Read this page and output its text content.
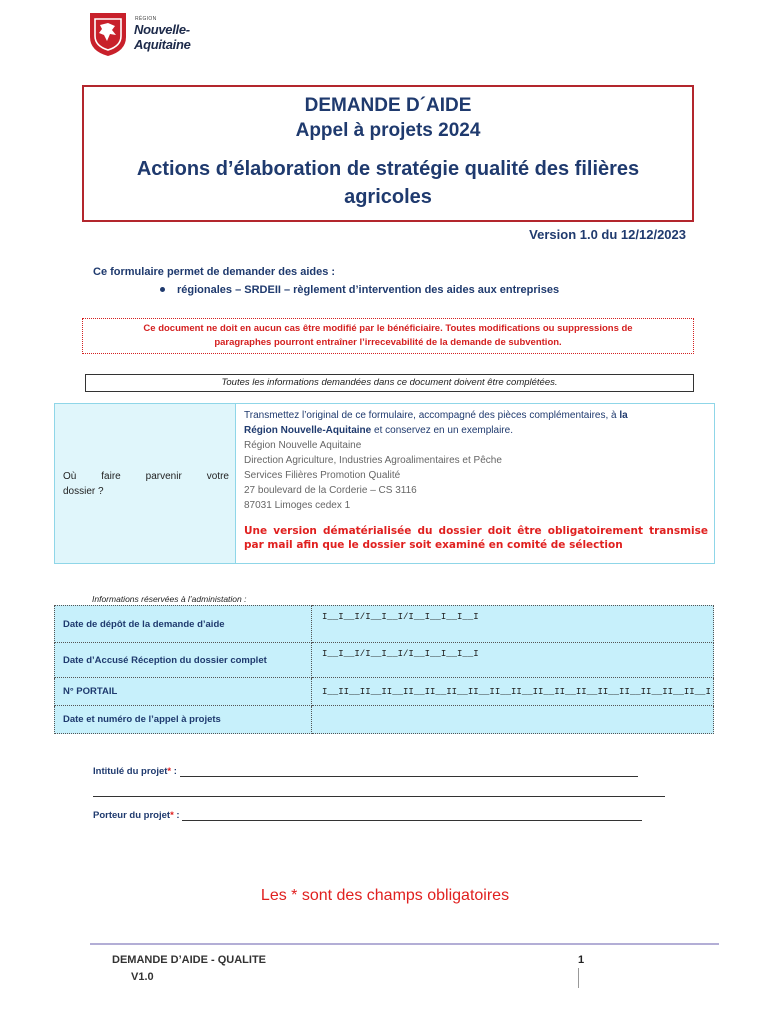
RÉGION
Nouvelle-
Aquitaine
DEMANDE D´AIDE
Appel à projets 2024
Actions d’élaboration de stratégie qualité des filières agricoles
Version 1.0 du 12/12/2023
Ce formulaire permet de demander des aides :
régionales – SRDEII – règlement d’intervention des aides aux entreprises
Ce document ne doit en aucun cas être modifié par le bénéficiaire. Toutes modifications ou suppressions de
paragraphes pourront entraîner l’irrecevabilité de la demande de subvention.
Toutes les informations demandées dans ce document doivent être complétées.
Où faire parvenir votre
dossier ?
Transmettez l’original de ce formulaire, accompagné des pièces complémentaires, à la
Région Nouvelle-Aquitaine et conservez en un exemplaire.
Région Nouvelle Aquitaine
Direction Agriculture, Industries Agroalimentaires et Pêche
Services Filières Promotion Qualité
27 boulevard de la Corderie – CS 3116
87031 Limoges cedex 1
Une version dématérialisée du dossier doit être obligatoirement transmise par mail afin que le dossier soit examiné en comité de sélection
Informations réservées à l’administation :
Date de dépôt de la demande d’aide	I__I__I/I__I__I/I__I__I__I__I
Date d’Accusé Réception du dossier complet	I__I__I/I__I__I/I__I__I__I__I
N° PORTAIL	I__II__II__II__II__II__II__II__II__II__II__II__II__II__II__II__II__II__I
Date et numéro de l’appel à projets	
Intitulé du projet* :
Porteur du projet* :
Les * sont des champs obligatoires
DEMANDE D’AIDE - QUALITE
V1.0
1
